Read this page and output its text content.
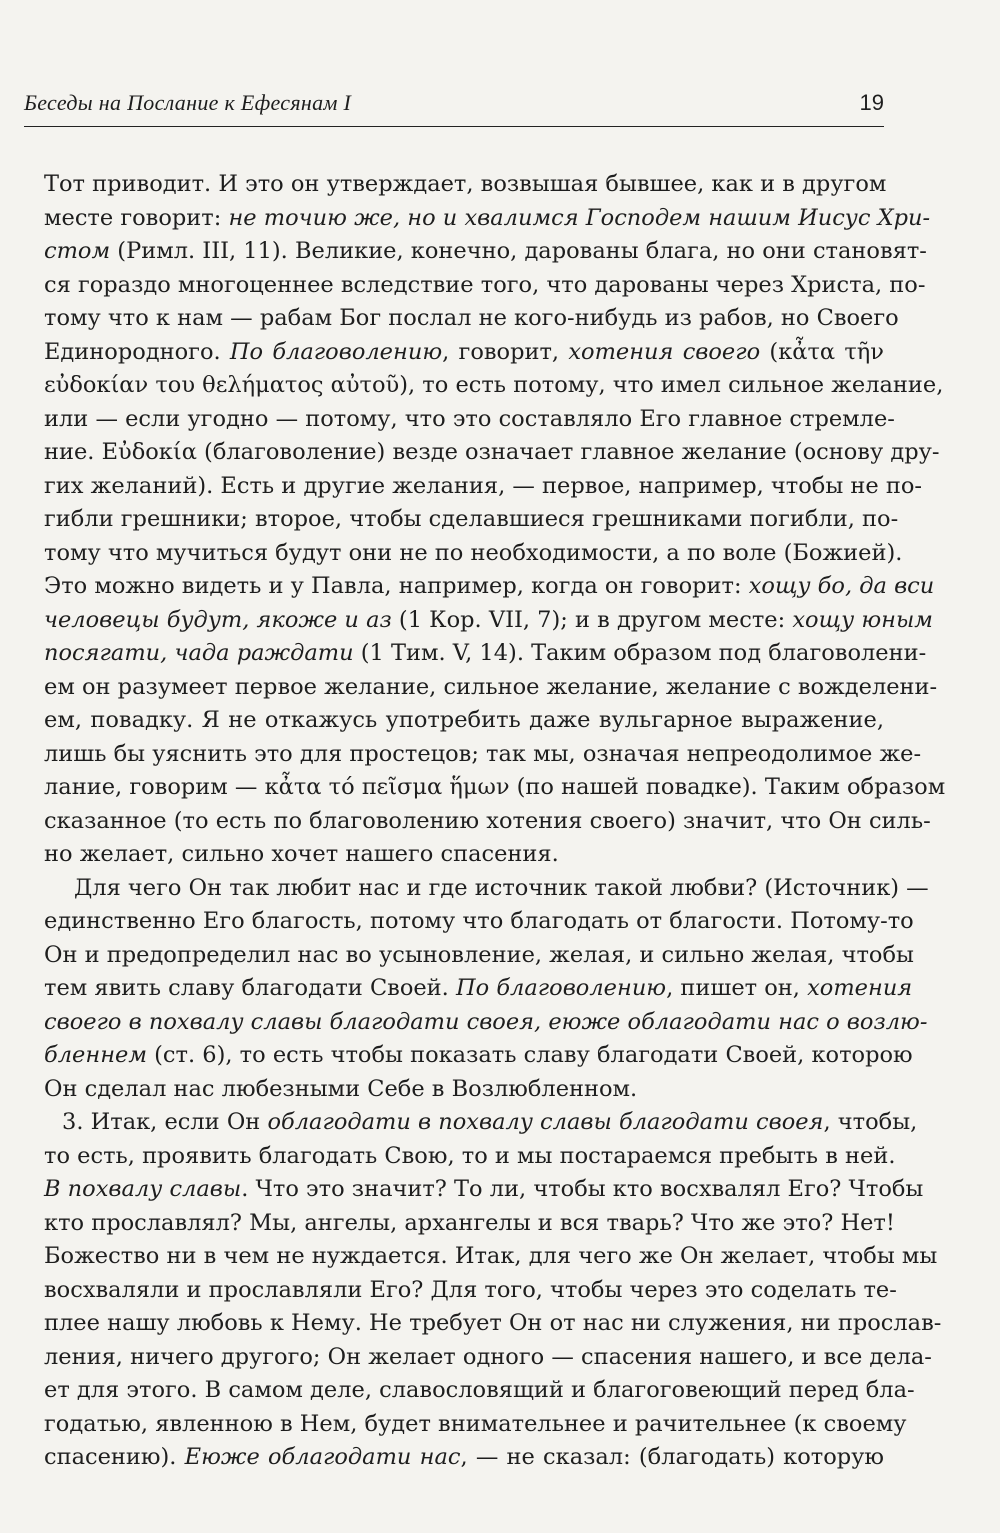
Беседы на Послание к Ефесянам I	19
Тот приводит. И это он утверждает, возвышая бывшее, как и в другом
месте говорит: не точию же, но и хвалимся Господем нашим Иисус Хри-
стом (Римл. III, 11). Великие, конечно, дарованы блага, но они становят-
ся гораздо многоценнее вследствие того, что дарованы через Христа, по-
тому что к нам — рабам Бог послал не кого-нибудь из рабов, но Своего
Единородного. По благоволению, говорит, хотения своего (κἆτα τῆν
εὐδοκίαν του θελήματος αὐτοῦ), то есть потому, что имел сильное желание,
или — если угодно — потому, что это составляло Его главное стремле-
ние. Εὐδοκία (благоволение) везде означает главное желание (основу дру-
гих желаний). Есть и другие желания, — первое, например, чтобы не по-
гибли грешники; второе, чтобы сделавшиеся грешниками погибли, по-
тому что мучиться будут они не по необходимости, а по воле (Божией).
Это можно видеть и у Павла, например, когда он говорит: хощу бо, да вси
человецы будут, якоже и аз (1 Кор. VII, 7); и в другом месте: хощу юным
посягати, чада раждати (1 Тим. V, 14). Таким образом под благоволени-
ем он разумеет первое желание, сильное желание, желание с вожделени-
ем, повадку. Я не откажусь употребить даже вульгарное выражение,
лишь бы уяснить это для простецов; так мы, означая непреодолимое же-
лание, говорим — κἆτα τό πεῖσμα ἥμων (по нашей повадке). Таким образом
сказанное (то есть по благоволению хотения своего) значит, что Он силь-
но желает, сильно хочет нашего спасения.
Для чего Он так любит нас и где источник такой любви? (Источник) —
единственно Его благость, потому что благодать от благости. Потому-то
Он и предопределил нас во усыновление, желая, и сильно желая, чтобы
тем явить славу благодати Своей. По благоволению, пишет он, хотения
своего в похвалу славы благодати своея, еюже облагодати нас о возлю-
бленнем (ст. 6), то есть чтобы показать славу благодати Своей, которою
Он сделал нас любезными Себе в Возлюбленном.
3. Итак, если Он облагодати в похвалу славы благодати своея, чтобы,
то есть, проявить благодать Свою, то и мы постараемся пребыть в ней.
В похвалу славы. Что это значит? То ли, чтобы кто восхвалял Его? Чтобы
кто прославлял? Мы, ангелы, архангелы и вся тварь? Что же это? Нет!
Божество ни в чем не нуждается. Итак, для чего же Он желает, чтобы мы
восхваляли и прославляли Его? Для того, чтобы через это соделать те-
плее нашу любовь к Нему. Не требует Он от нас ни служения, ни прослав-
ления, ничего другого; Он желает одного — спасения нашего, и все дела-
ет для этого. В самом деле, славословящий и благоговеющий перед бла-
годатью, явленною в Нем, будет внимательнее и рачительнее (к своему
спасению). Еюже облагодати нас, — не сказал: (благодать) которую
